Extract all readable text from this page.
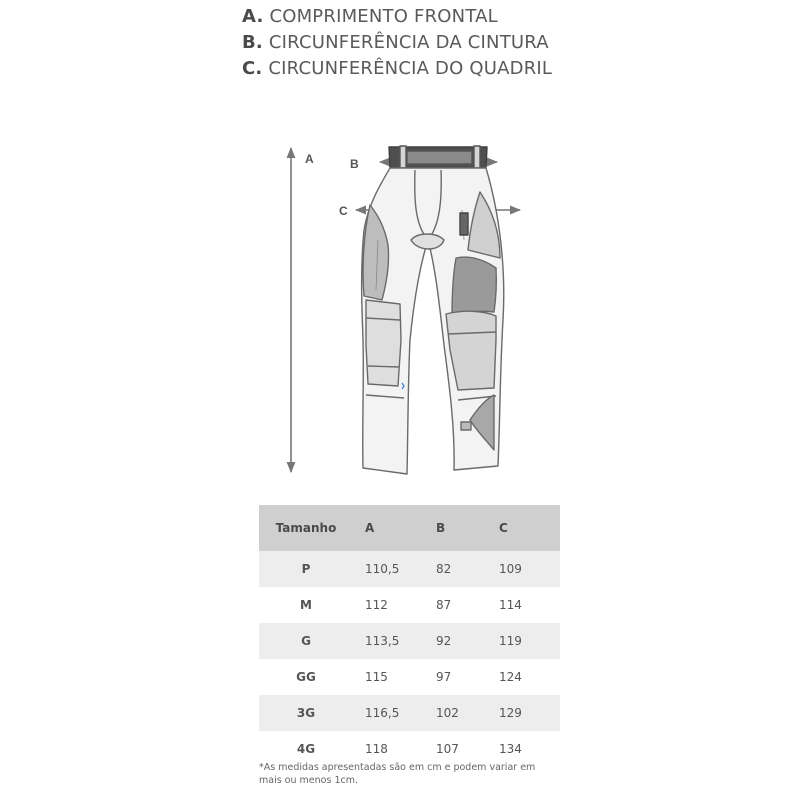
A. COMPRIMENTO FRONTAL
B. CIRCUNFERÊNCIA DA CINTURA
C. CIRCUNFERÊNCIA DO QUADRIL
A	B
C
Tamanho	A	B	C
P	110,5	82	109
M	112	87	114
G	113,5	92	119
GG	115	97	124
3G	116,5	102	129
4G	118	107	134
*As medidas apresentadas são em cm e podem variar em
mais ou menos 1cm.
